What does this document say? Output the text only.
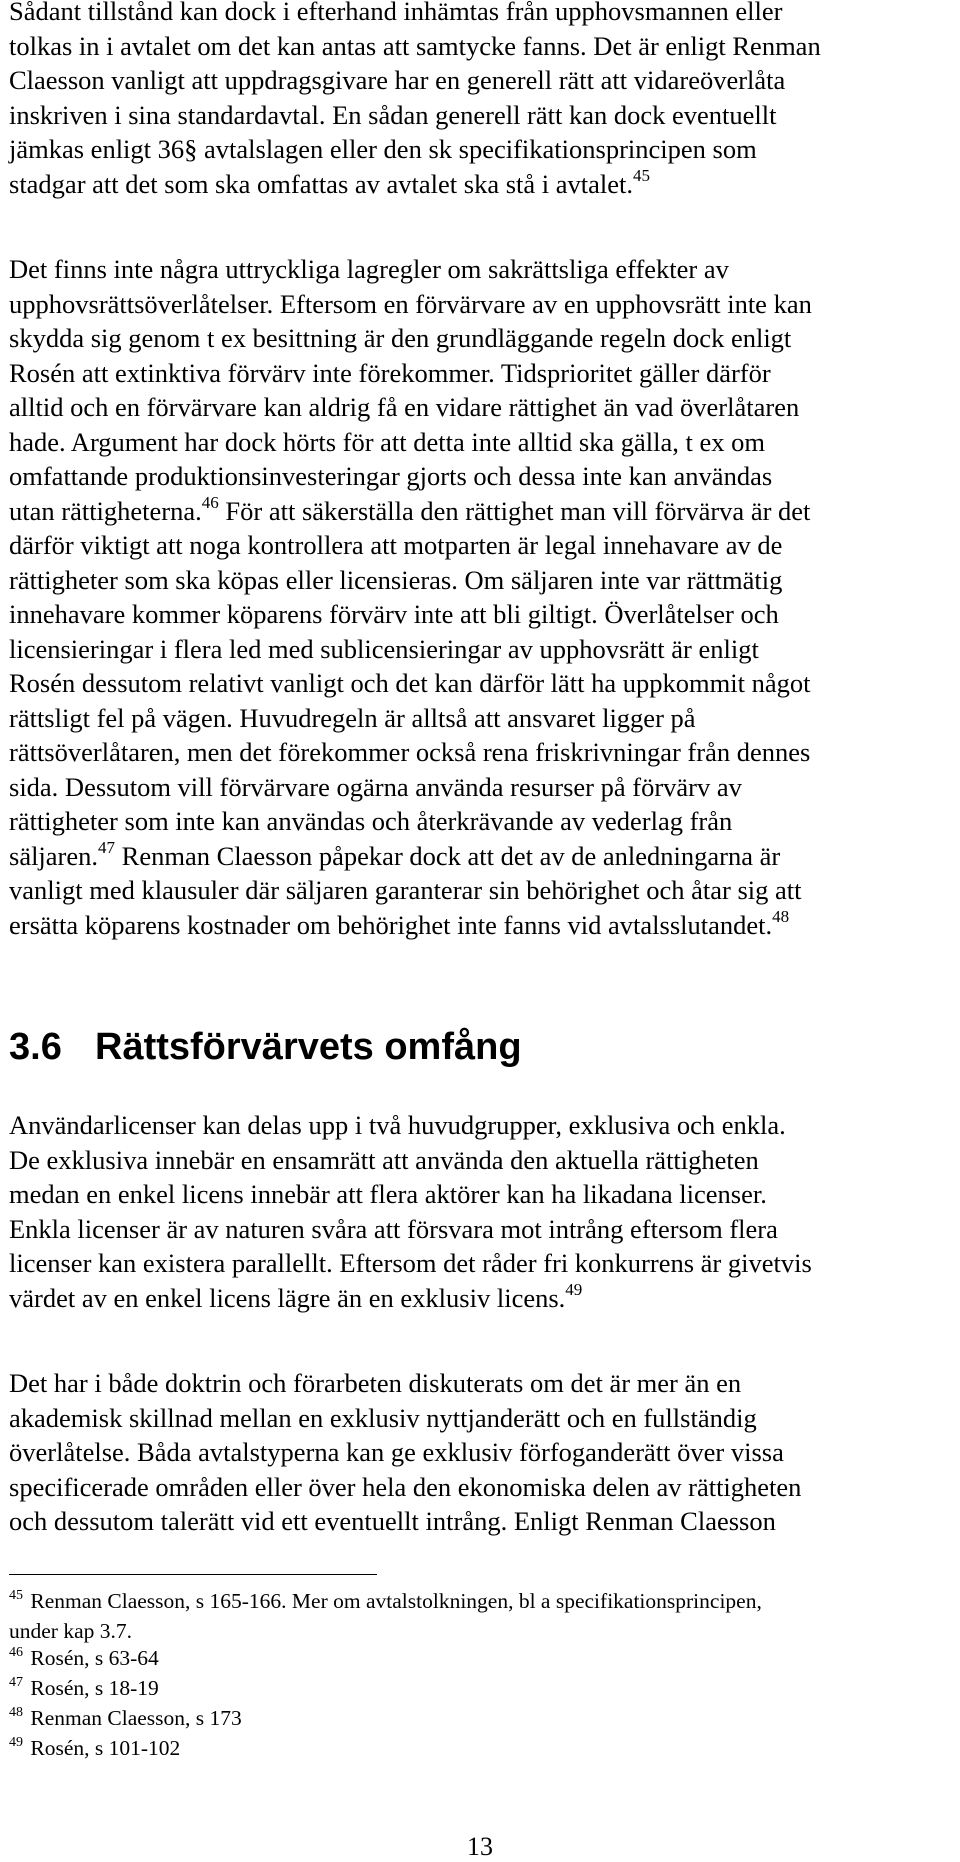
Sådant tillstånd kan dock i efterhand inhämtas från upphovsmannen eller
tolkas in i avtalet om det kan antas att samtycke fanns. Det är enligt Renman
Claesson vanligt att uppdragsgivare har en generell rätt att vidareöverlåta
inskriven i sina standardavtal. En sådan generell rätt kan dock eventuellt
jämkas enligt 36§ avtalslagen eller den sk specifikationsprincipen som
stadgar att det som ska omfattas av avtalet ska stå i avtalet.$^{45}$

Det finns inte några uttryckliga lagregler om sakrättsliga effekter av
upphovsrättsöverlåtelser. Eftersom en förvärvare av en upphovsrätt inte kan
skydda sig genom t ex besittning är den grundläggande regeln dock enligt
Rosén att extinktiva förvärv inte förekommer. Tidsprioritet gäller därför
alltid och en förvärvare kan aldrig få en vidare rättighet än vad överlåtaren
hade. Argument har dock hörts för att detta inte alltid ska gälla, t ex om
omfattande produktionsinvesteringar gjorts och dessa inte kan användas
utan rättigheterna.$^{46}$ För att säkerställa den rättighet man vill förvärva är det
därför viktigt att noga kontrollera att motparten är legal innehavare av de
rättigheter som ska köpas eller licensieras. Om säljaren inte var rättmätig
innehavare kommer köparens förvärv inte att bli giltigt. Överlåtelser och
licensieringar i flera led med sublicensieringar av upphovsrätt är enligt
Rosén dessutom relativt vanligt och det kan därför lätt ha uppkommit något
rättsligt fel på vägen. Huvudregeln är alltså att ansvaret ligger på
rättsöverlåtaren, men det förekommer också rena friskrivningar från dennes
sida. Dessutom vill förvärvare ogärna använda resurser på förvärv av
rättigheter som inte kan användas och återkrävande av vederlag från
säljaren.$^{47}$ Renman Claesson påpekar dock att det av de anledningarna är
vanligt med klausuler där säljaren garanterar sin behörighet och åtar sig att
ersätta köparens kostnader om behörighet inte fanns vid avtalsslutandet.$^{48}$

3.6 Rättsförvärvets omfång

Användarlicenser kan delas upp i två huvudgrupper, exklusiva och enkla.
De exklusiva innebär en ensamrätt att använda den aktuella rättigheten
medan en enkel licens innebär att flera aktörer kan ha likadana licenser.
Enkla licenser är av naturen svåra att försvara mot intrång eftersom flera
licenser kan existera parallellt. Eftersom det råder fri konkurrens är givetvis
värdet av en enkel licens lägre än en exklusiv licens.$^{49}$

Det har i både doktrin och förarbeten diskuterats om det är mer än en
akademisk skillnad mellan en exklusiv nyttjanderätt och en fullständig
överlåtelse. Båda avtalstyperna kan ge exklusiv förfoganderätt över vissa
specificerade områden eller över hela den ekonomiska delen av rättigheten
och dessutom talerätt vid ett eventuellt intrång. Enligt Renman Claesson

$^{45}$ Renman Claesson, s 165-166. Mer om avtalstolkningen, bl a specifikationsprincipen,

under kap 3.7.

$^{46}$ Rosén, s 63-64

$^{47}$ Rosén, s 18-19

$^{48}$ Renman Claesson, s 173

$^{49}$ Rosén, s 101-102

13
